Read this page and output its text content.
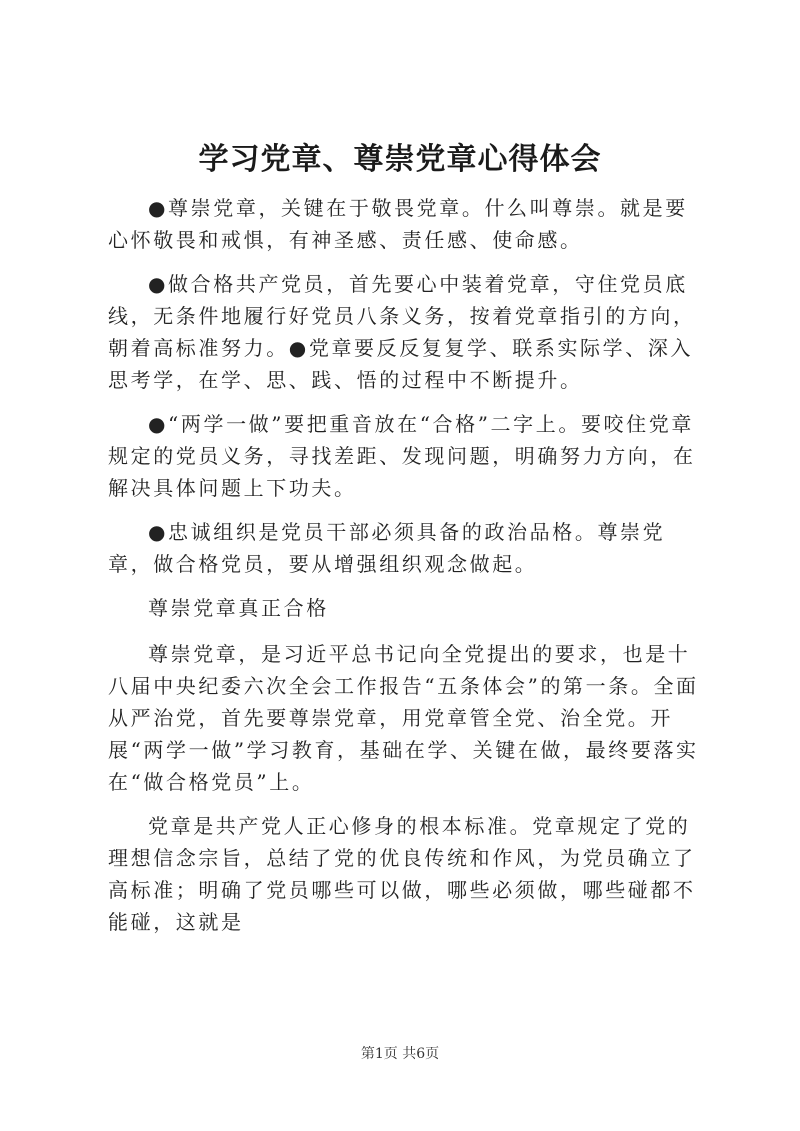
学习党章、尊崇党章心得体会

●尊崇党章，关键在于敬畏党章。什么叫尊崇。就是要心怀敬畏和戒惧，有神圣感、责任感、使命感。

●做合格共产党员，首先要心中装着党章，守住党员底线，无条件地履行好党员八条义务，按着党章指引的方向，朝着高标准努力。●党章要反反复复学、联系实际学、深入思考学，在学、思、践、悟的过程中不断提升。

●“两学一做”要把重音放在“合格”二字上。要咬住党章规定的党员义务，寻找差距、发现问题，明确努力方向，在解决具体问题上下功夫。

●忠诚组织是党员干部必须具备的政治品格。尊崇党章，做合格党员，要从增强组织观念做起。

尊崇党章真正合格

尊崇党章，是习近平总书记向全党提出的要求，也是十八届中央纪委六次全会工作报告“五条体会”的第一条。全面从严治党，首先要尊崇党章，用党章管全党、治全党。开展“两学一做”学习教育，基础在学、关键在做，最终要落实在“做合格党员”上。

党章是共产党人正心修身的根本标准。党章规定了党的理想信念宗旨，总结了党的优良传统和作风，为党员确立了高标准；明确了党员哪些可以做，哪些必须做，哪些碰都不能碰，这就是

第1页 共6页
